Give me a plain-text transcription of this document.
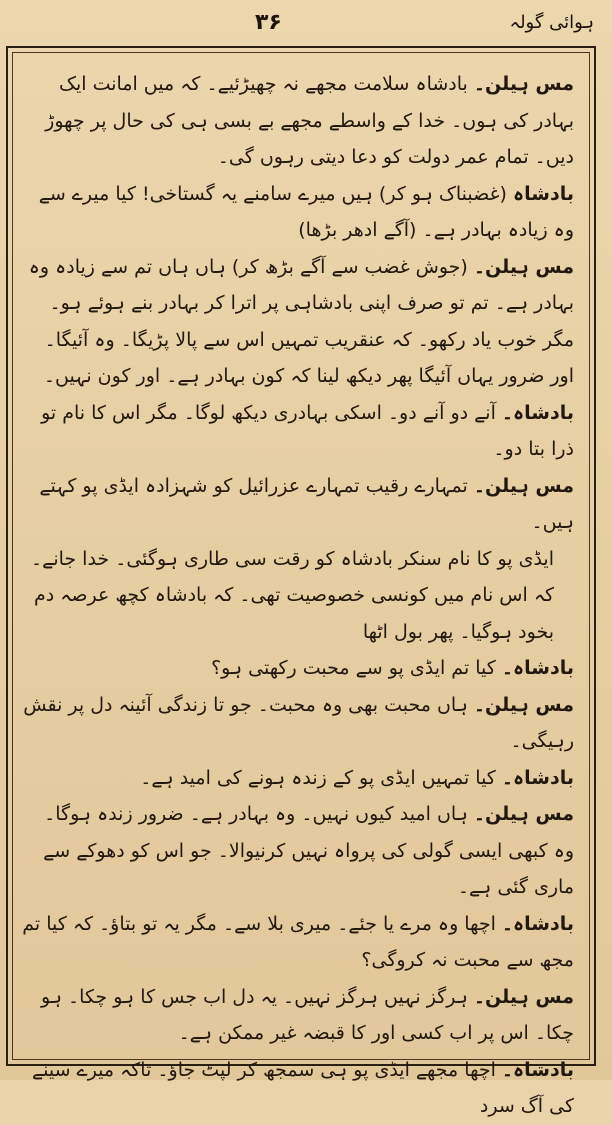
۳۶	ہوائی گولہ

مس ہیلن۔ بادشاہ سلامت مجھے نہ چھیڑئیے۔ کہ میں امانت ایک بہادر کی ہوں۔ خدا کے واسطے مجھے بے بسی ہی کی حال پر چھوڑ دیں۔ تمام عمر دولت کو دعا دیتی رہوں گی۔

بادشاہ (غضبناک ہو کر) ہیں میرے سامنے یہ گستاخی! کیا میرے سے وہ زیادہ بہادر ہے۔ (آگے ادھر بڑھا)

مس ہیلن۔ (جوش غضب سے آگے بڑھ کر) ہاں ہاں تم سے زیادہ وہ بہادر ہے۔ تم تو صرف اپنی بادشاہی پر اترا کر بہادر بنے ہوئے ہو۔ مگر خوب یاد رکھو۔ کہ عنقریب تمہیں اس سے پالا پڑیگا۔ وہ آئیگا۔ اور ضرور یہاں آئیگا پھر دیکھ لینا کہ کون بہادر ہے۔ اور کون نہیں۔

بادشاہ۔ آنے دو آنے دو۔ اسکی بہادری دیکھ لوگا۔ مگر اس کا نام تو ذرا بتا دو۔

مس ہیلن۔ تمہارے رقیب تمہارے عزرائیل کو شہزادہ ایڈی پو کہتے ہیں۔

ایڈی پو کا نام سنکر بادشاہ کو رقت سی طاری ہوگئی۔ خدا جانے۔ کہ اس نام میں کونسی خصوصیت تھی۔ کہ بادشاہ کچھ عرصہ دم بخود ہوگیا۔ پھر بول اٹھا

بادشاہ۔ کیا تم ایڈی پو سے محبت رکھتی ہو؟

مس ہیلن۔ ہاں محبت بھی وہ محبت۔ جو تا زندگی آئینہ دل پر نقش رہیگی۔

بادشاہ۔ کیا تمہیں ایڈی پو کے زندہ ہونے کی امید ہے۔

مس ہیلن۔ ہاں امید کیوں نہیں۔ وہ بہادر ہے۔ ضرور زندہ ہوگا۔ وہ کبھی ایسی گولی کی پرواہ نہیں کرنیوالا۔ جو اس کو دھوکے سے ماری گئی ہے۔

بادشاہ۔ اچھا وہ مرے یا جئے۔ میری بلا سے۔ مگر یہ تو بتاؤ۔ کہ کیا تم مجھ سے محبت نہ کروگی؟

مس ہیلن۔ ہرگز نہیں ہرگز نہیں۔ یہ دل اب جس کا ہو چکا۔ ہو چکا۔ اس پر اب کسی اور کا قبضہ غیر ممکن ہے۔

بادشاہ۔ اچھا مجھے ایڈی پو ہی سمجھ کر لپٹ جاؤ۔ تاکہ میرے سینے کی آگ سرد
